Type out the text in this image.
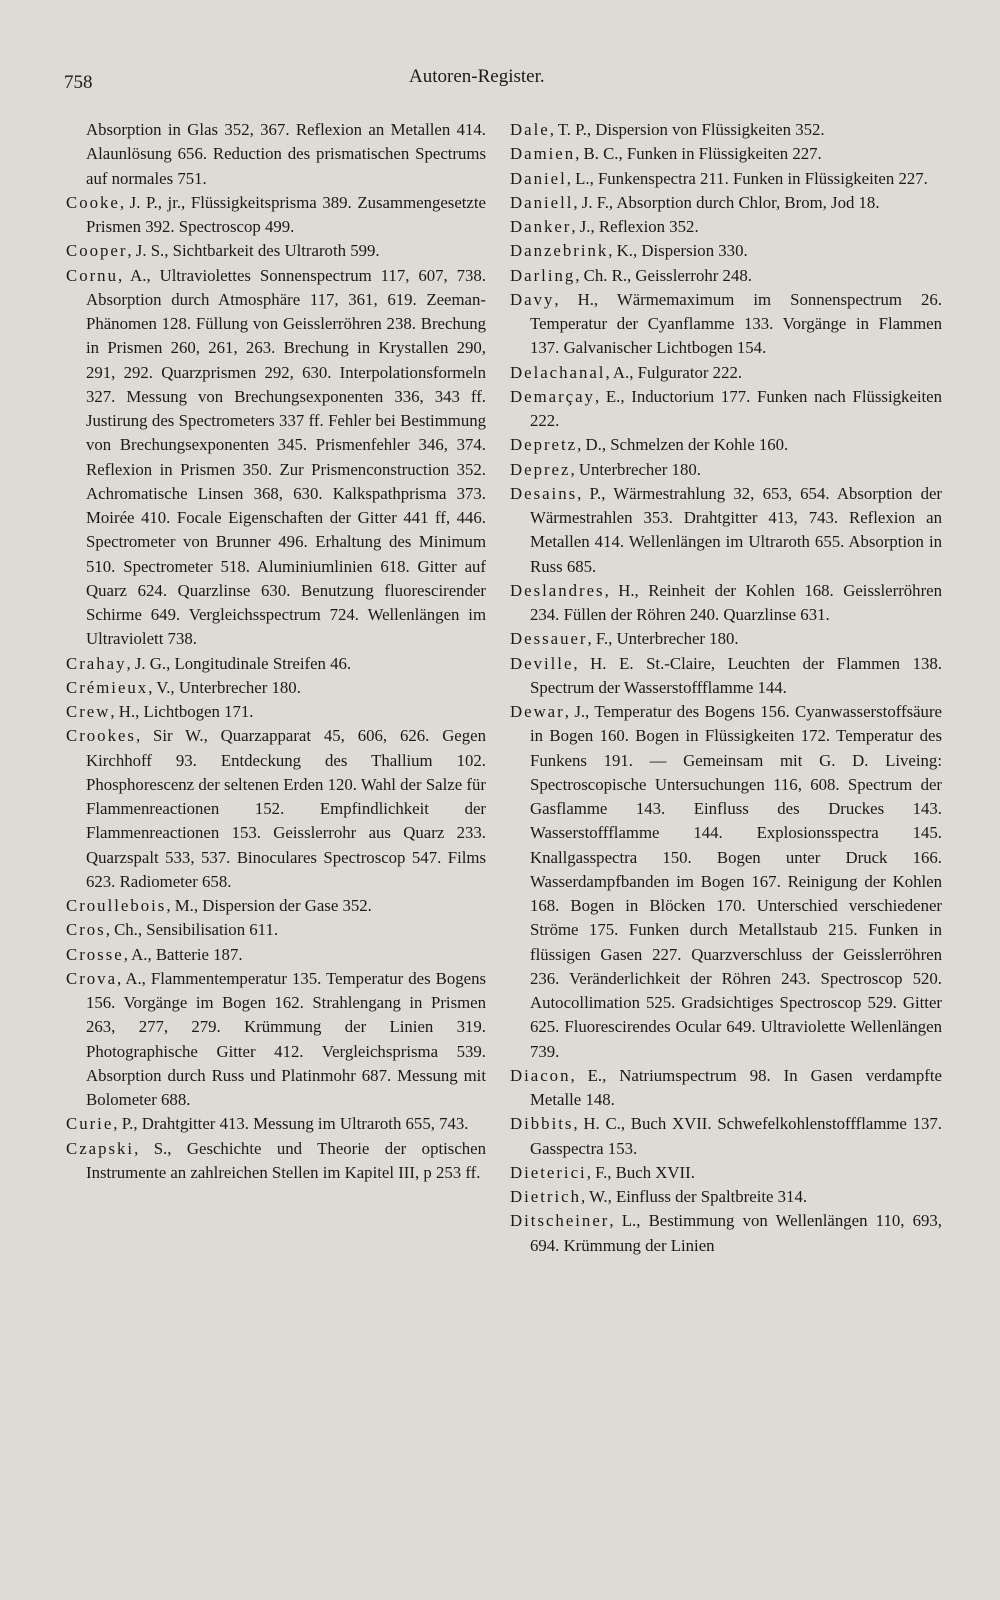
758	Autoren-Register.
Absorption in Glas 352, 367. Reflexion an Metallen 414. Alaunlösung 656. Reduction des prismatischen Spectrums auf normales 751.
Cooke, J. P., jr., Flüssigkeitsprisma 389. Zusammengesetzte Prismen 392. Spectroscop 499.
Cooper, J. S., Sichtbarkeit des Ultraroth 599.
Cornu, A., Ultraviolettes Sonnenspectrum 117, 607, 738. Absorption durch Atmosphäre 117, 361, 619. Zeeman-Phänomen 128. Füllung von Geisslerröhren 238. Brechung in Prismen 260, 261, 263. Brechung in Krystallen 290, 291, 292. Quarzprismen 292, 630. Interpolationsformeln 327. Messung von Brechungsexponenten 336, 343 ff. Justirung des Spectrometers 337 ff. Fehler bei Bestimmung von Brechungsexponenten 345. Prismenfehler 346, 374. Reflexion in Prismen 350. Zur Prismenconstruction 352. Achromatische Linsen 368, 630. Kalkspathprisma 373. Moirée 410. Focale Eigenschaften der Gitter 441 ff, 446. Spectrometer von Brunner 496. Erhaltung des Minimum 510. Spectrometer 518. Aluminiumlinien 618. Gitter auf Quarz 624. Quarzlinse 630. Benutzung fluorescirender Schirme 649. Vergleichsspectrum 724. Wellenlängen im Ultraviolett 738.
Crahay, J. G., Longitudinale Streifen 46.
Crémieux, V., Unterbrecher 180.
Crew, H., Lichtbogen 171.
Crookes, Sir W., Quarzapparat 45, 606, 626. Gegen Kirchhoff 93. Entdeckung des Thallium 102. Phosphorescenz der seltenen Erden 120. Wahl der Salze für Flammenreactionen 152. Empfindlichkeit der Flammenreactionen 153. Geisslerrohr aus Quarz 233. Quarzspalt 533, 537. Binoculares Spectroscop 547. Films 623. Radiometer 658.
Croullebois, M., Dispersion der Gase 352.
Cros, Ch., Sensibilisation 611.
Crosse, A., Batterie 187.
Crova, A., Flammentemperatur 135. Temperatur des Bogens 156. Vorgänge im Bogen 162. Strahlengang in Prismen 263, 277, 279. Krümmung der Linien 319. Photographische Gitter 412. Vergleichsprisma 539. Absorption durch Russ und Platinmohr 687. Messung mit Bolometer 688.
Curie, P., Drahtgitter 413. Messung im Ultraroth 655, 743.
Czapski, S., Geschichte und Theorie der optischen Instrumente an zahlreichen Stellen im Kapitel III, p 253 ff.
Dale, T. P., Dispersion von Flüssigkeiten 352.
Damien, B. C., Funken in Flüssigkeiten 227.
Daniel, L., Funkenspectra 211. Funken in Flüssigkeiten 227.
Daniell, J. F., Absorption durch Chlor, Brom, Jod 18.
Danker, J., Reflexion 352.
Danzebrink, K., Dispersion 330.
Darling, Ch. R., Geisslerrohr 248.
Davy, H., Wärmemaximum im Sonnenspectrum 26. Temperatur der Cyanflamme 133. Vorgänge in Flammen 137. Galvanischer Lichtbogen 154.
Delachanal, A., Fulgurator 222.
Demarçay, E., Inductorium 177. Funken nach Flüssigkeiten 222.
Depretz, D., Schmelzen der Kohle 160.
Deprez, Unterbrecher 180.
Desains, P., Wärmestrahlung 32, 653, 654. Absorption der Wärmestrahlen 353. Drahtgitter 413, 743. Reflexion an Metallen 414. Wellenlängen im Ultraroth 655. Absorption in Russ 685.
Deslandres, H., Reinheit der Kohlen 168. Geisslerröhren 234. Füllen der Röhren 240. Quarzlinse 631.
Dessauer, F., Unterbrecher 180.
Deville, H. E. St.-Claire, Leuchten der Flammen 138. Spectrum der Wasserstoffflamme 144.
Dewar, J., Temperatur des Bogens 156. Cyanwasserstoffsäure in Bogen 160. Bogen in Flüssigkeiten 172. Temperatur des Funkens 191. — Gemeinsam mit G. D. Liveing: Spectroscopische Untersuchungen 116, 608. Spectrum der Gasflamme 143. Einfluss des Druckes 143. Wasserstoffflamme 144. Explosionsspectra 145. Knallgasspectra 150. Bogen unter Druck 166. Wasserdampfbanden im Bogen 167. Reinigung der Kohlen 168. Bogen in Blöcken 170. Unterschied verschiedener Ströme 175. Funken durch Metallstaub 215. Funken in flüssigen Gasen 227. Quarzverschluss der Geisslerröhren 236. Veränderlichkeit der Röhren 243. Spectroscop 520. Autocollimation 525. Gradsichtiges Spectroscop 529. Gitter 625. Fluorescirendes Ocular 649. Ultraviolette Wellenlängen 739.
Diacon, E., Natriumspectrum 98. In Gasen verdampfte Metalle 148.
Dibbits, H. C., Buch XVII. Schwefelkohlenstoffflamme 137. Gasspectra 153.
Dieterici, F., Buch XVII.
Dietrich, W., Einfluss der Spaltbreite 314.
Ditscheiner, L., Bestimmung von Wellenlängen 110, 693, 694. Krümmung der Linien
